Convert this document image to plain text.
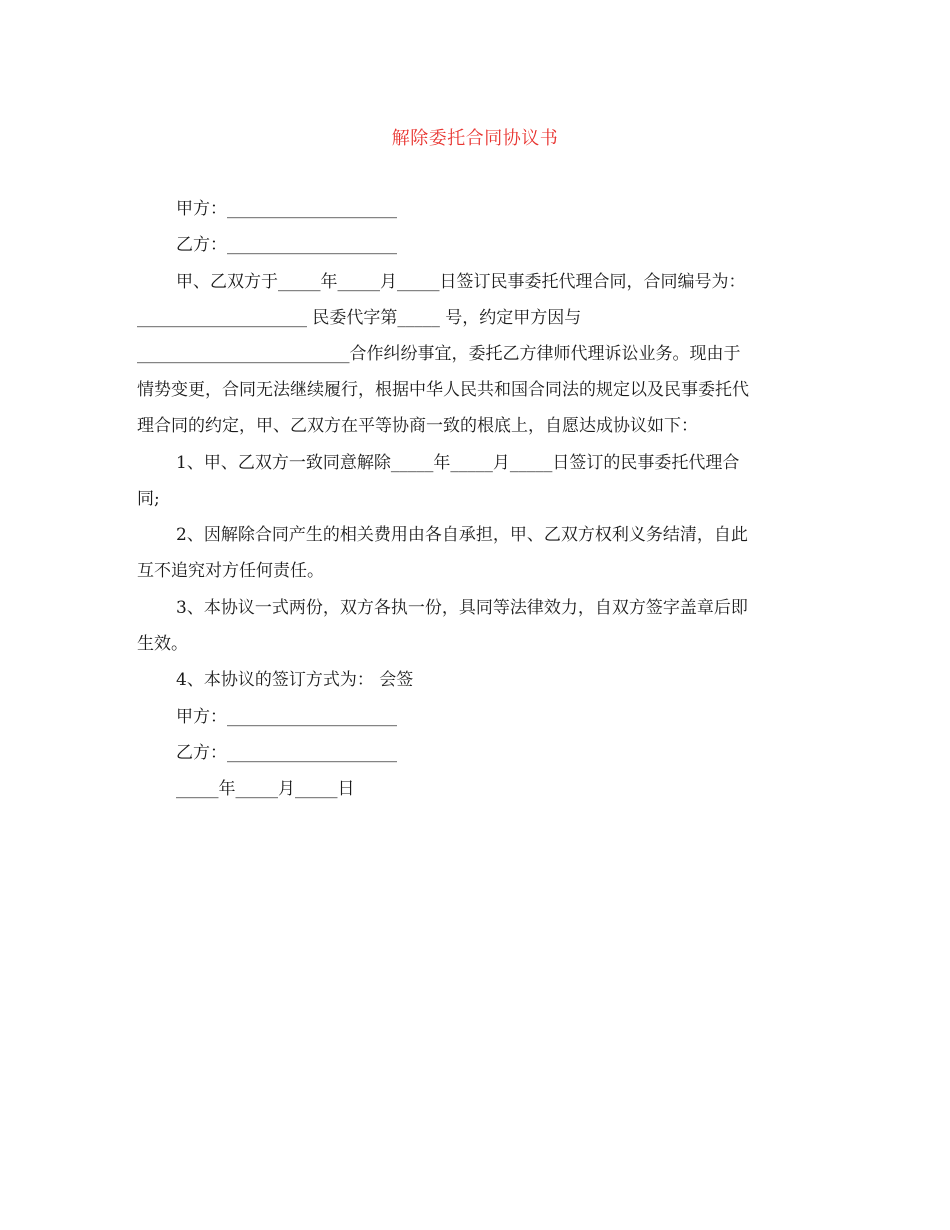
解除委托合同协议书
甲方：____________________
乙方：____________________
甲、乙双方于_____年_____月_____日签订民事委托代理合同，合同编号为：
____________________ 民委代字第_____ 号，约定甲方因与
_________________________合作纠纷事宜，委托乙方律师代理诉讼业务。现由于
情势变更，合同无法继续履行，根据中华人民共和国合同法的规定以及民事委托代
理合同的约定，甲、乙双方在平等协商一致的根底上，自愿达成协议如下：
1、甲、乙双方一致同意解除_____年_____月_____日签订的民事委托代理合
同;
2、因解除合同产生的相关费用由各自承担，甲、乙双方权利义务结清，自此
互不追究对方任何责任。
3、本协议一式两份，双方各执一份，具同等法律效力，自双方签字盖章后即
生效。
4、本协议的签订方式为： 会签
甲方：____________________
乙方：____________________
_____年_____月_____日
